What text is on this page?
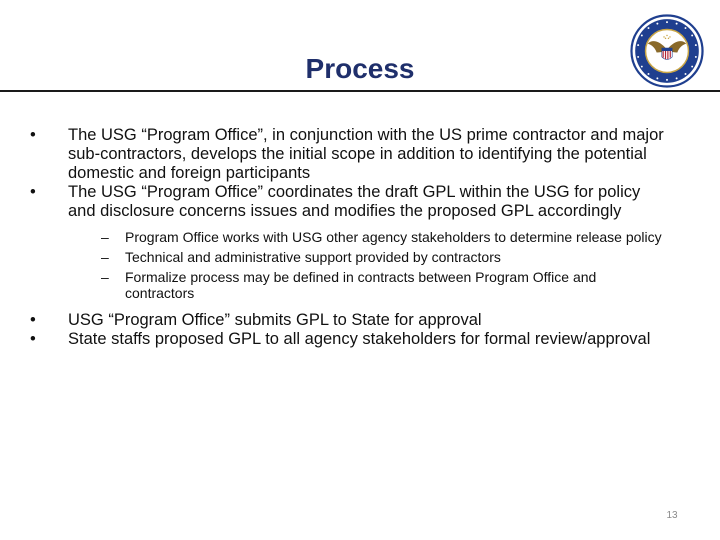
Process
•	The USG “Program Office”, in conjunction with the US prime contractor and major sub-contractors, develops the initial scope in addition to identifying the potential domestic and foreign participants
•	The USG “Program Office” coordinates the draft GPL within the USG for policy and disclosure concerns issues and modifies the proposed GPL accordingly
–	Program Office works with USG other agency stakeholders to determine release policy
–	Technical and administrative support provided by contractors
–	Formalize process may be defined in contracts between Program Office and contractors
•	USG “Program Office” submits GPL to State for approval
•	State staffs proposed GPL to all agency stakeholders for formal review/approval
13
